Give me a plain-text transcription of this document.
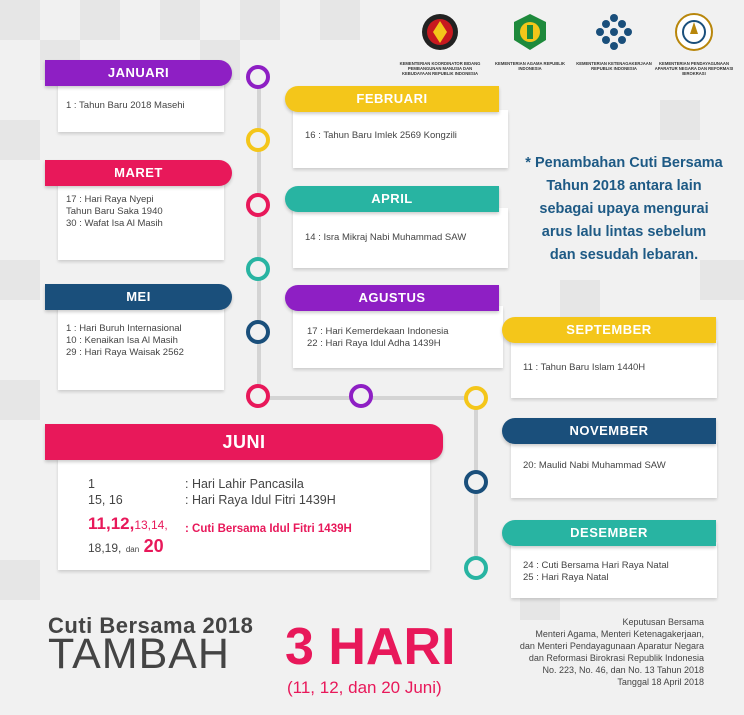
KEMENTERIAN KOORDINATOR BIDANG PEMBANGUNAN MANUSIA DAN KEBUDAYAAN REPUBLIK INDONESIA
KEMENTERIAN AGAMA REPUBLIK INDONESIA
KEMENTERIAN KETENAGAKERJAAN REPUBLIK INDONESIA
KEMENTERIAN PENDAYAGUNAAN APARATUR NEGARA DAN REFORMASI BIROKRASI
1 : Tahun Baru 2018 Masehi
JANUARI
16 : Tahun Baru Imlek 2569 Kongzili
FEBRUARI
17 : Hari Raya Nyepi
Tahun Baru Saka 1940
30 : Wafat Isa Al Masih
MARET
14 : Isra Mikraj Nabi Muhammad SAW
APRIL
1 : Hari Buruh Internasional
10 : Kenaikan Isa Al Masih
29 : Hari Raya Waisak 2562
MEI
17 : Hari Kemerdekaan Indonesia
22 : Hari Raya Idul Adha 1439H
AGUSTUS
11 : Tahun Baru Islam 1440H
SEPTEMBER
JUNI
1	: Hari Lahir Pancasila
15, 16	: Hari Raya Idul Fitri 1439H
11,12,13,14, : Cuti Bersama Idul Fitri 1439H
18,19, dan 20
20: Maulid Nabi Muhammad SAW
NOVEMBER
24 : Cuti Bersama Hari Raya Natal
25 : Hari Raya Natal
DESEMBER
* Penambahan Cuti Bersama
Tahun 2018 antara lain
sebagai upaya mengurai
arus lalu lintas sebelum
dan sesudah lebaran.
Cuti Bersama 2018
TAMBAH 3 HARI
(11, 12, dan 20 Juni)
Keputusan Bersama
Menteri Agama, Menteri Ketenagakerjaan,
dan Menteri Pendayagunaan Aparatur Negara
dan Reformasi Birokrasi Republik Indonesia
No. 223, No. 46, dan No. 13 Tahun 2018
Tanggal 18 April 2018
